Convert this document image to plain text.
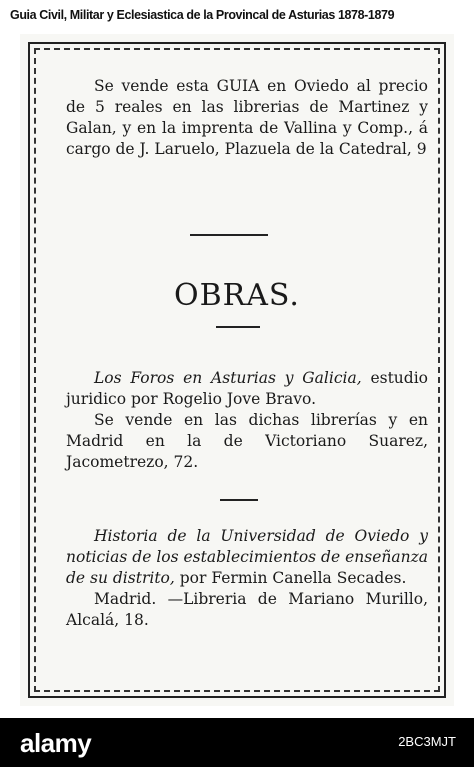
Guia Civil, Militar y Eclesiastica de la Provincal de Asturias 1878-1879

Se vende esta GUIA en Oviedo al precio de 5 reales en las librerias de Martinez y Galan, y en la imprenta de Vallina y Comp., á cargo de J. Laruelo, Plazuela de la Catedral, 9

OBRAS.

Los Foros en Asturias y Galicia, estudio juridico por Rogelio Jove Bravo.

Se vende en las dichas librerías y en Madrid en la de Victoriano Suarez, Jacometrezo, 72.

Historia de la Universidad de Oviedo y noticias de los establecimientos de enseñanza de su distrito, por Fermin Canella Secades.

Madrid. —Libreria de Mariano Murillo, Alcalá, 18.

alamy	2BC3MJT
